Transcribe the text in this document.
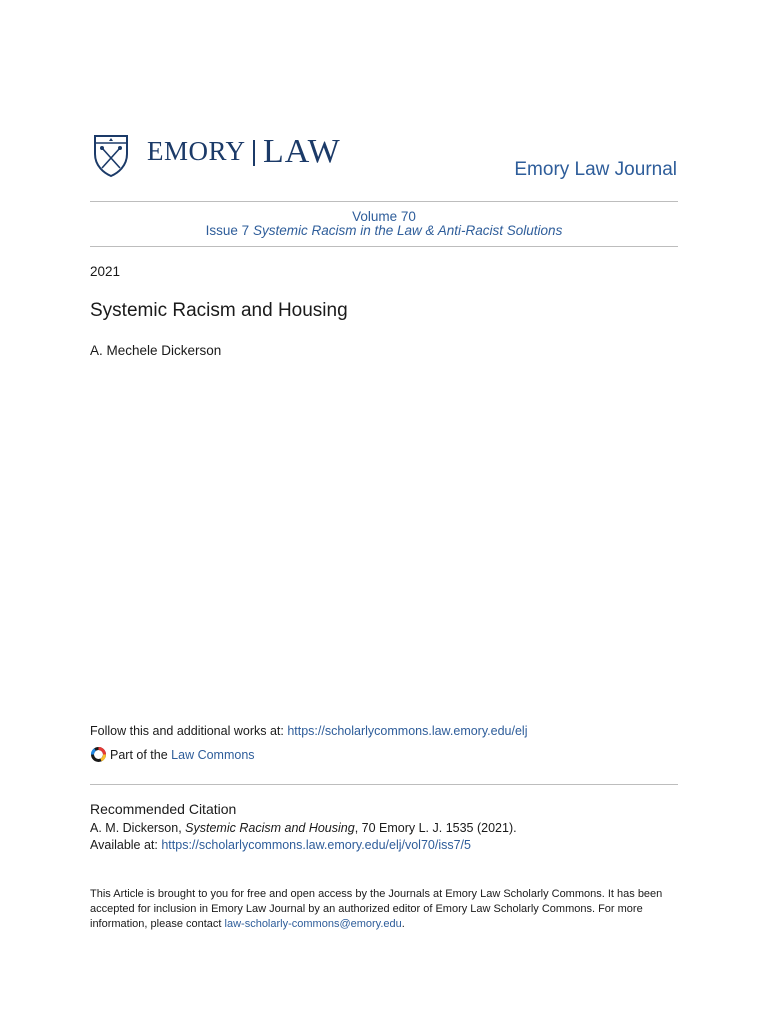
EMORY LAW	Emory Law Journal
Volume 70
Issue 7 Systemic Racism in the Law & Anti-Racist Solutions
2021
Systemic Racism and Housing
A. Mechele Dickerson
Follow this and additional works at: https://scholarlycommons.law.emory.edu/elj
Part of the
Law Commons
Recommended Citation
A. M. Dickerson, Systemic Racism and Housing, 70 Emory L. J. 1535 (2021).
Available at: https://scholarlycommons.law.emory.edu/elj/vol70/iss7/5
This Article is brought to you for free and open access by the Journals at Emory Law Scholarly Commons. It has been accepted for inclusion in Emory Law Journal by an authorized editor of Emory Law Scholarly Commons. For more information, please contact law-scholarly-commons@emory.edu.
